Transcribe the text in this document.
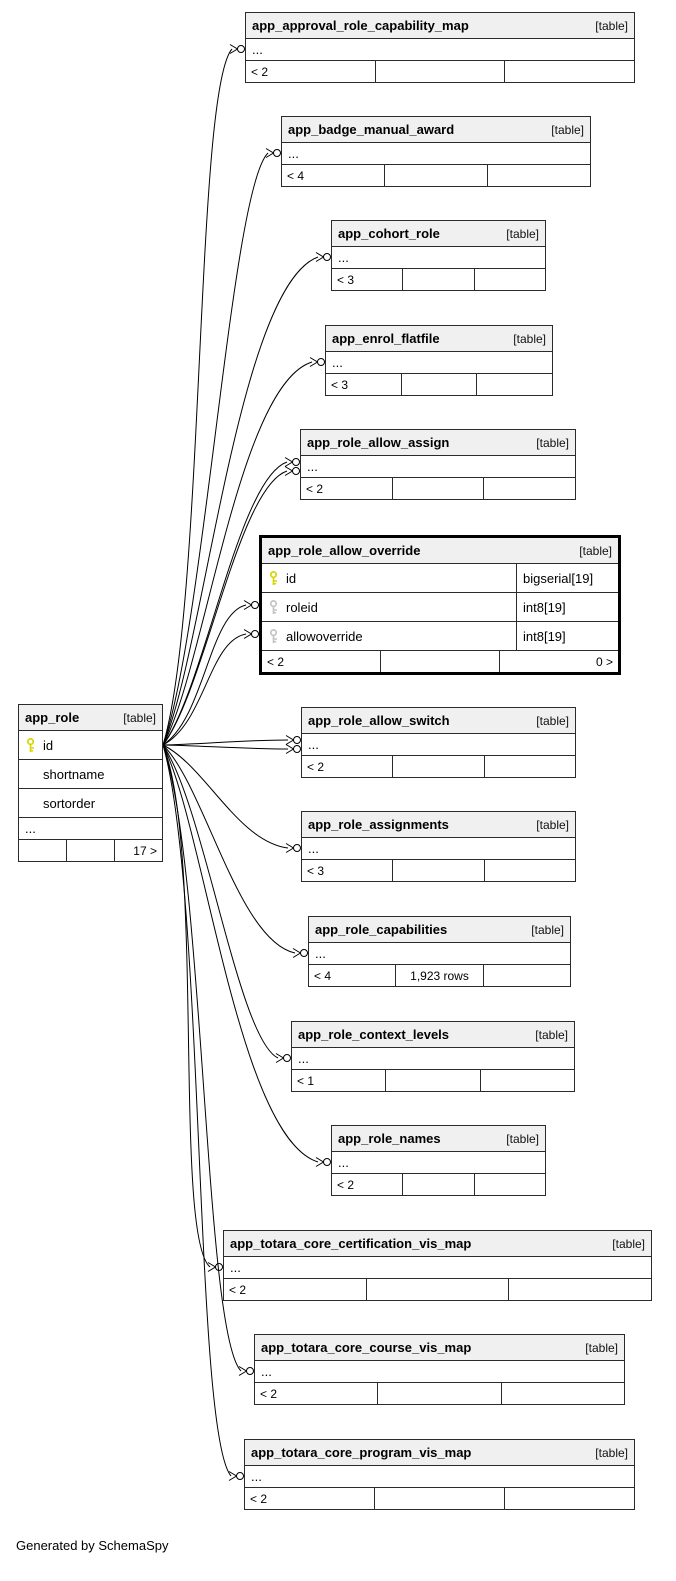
app_approval_role_capability_map	[table]
...
< 2
app_badge_manual_award	[table]
...
< 4
app_cohort_role	[table]
...
< 3
app_enrol_flatfile	[table]
...
< 3
app_role_allow_assign	[table]
...
< 2
app_role_allow_override	[table]
id	bigserial[19]
roleid	int8[19]
allowoverride	int8[19]
< 2	0 >
app_role	[table]
id
shortname
sortorder
...
17 >
app_role_allow_switch	[table]
...
< 2
app_role_assignments	[table]
...
< 3
app_role_capabilities	[table]
...
< 4	1,923 rows
app_role_context_levels	[table]
...
< 1
app_role_names	[table]
...
< 2
app_totara_core_certification_vis_map	[table]
...
< 2
app_totara_core_course_vis_map	[table]
...
< 2
app_totara_core_program_vis_map	[table]
...
< 2
Generated by SchemaSpy
